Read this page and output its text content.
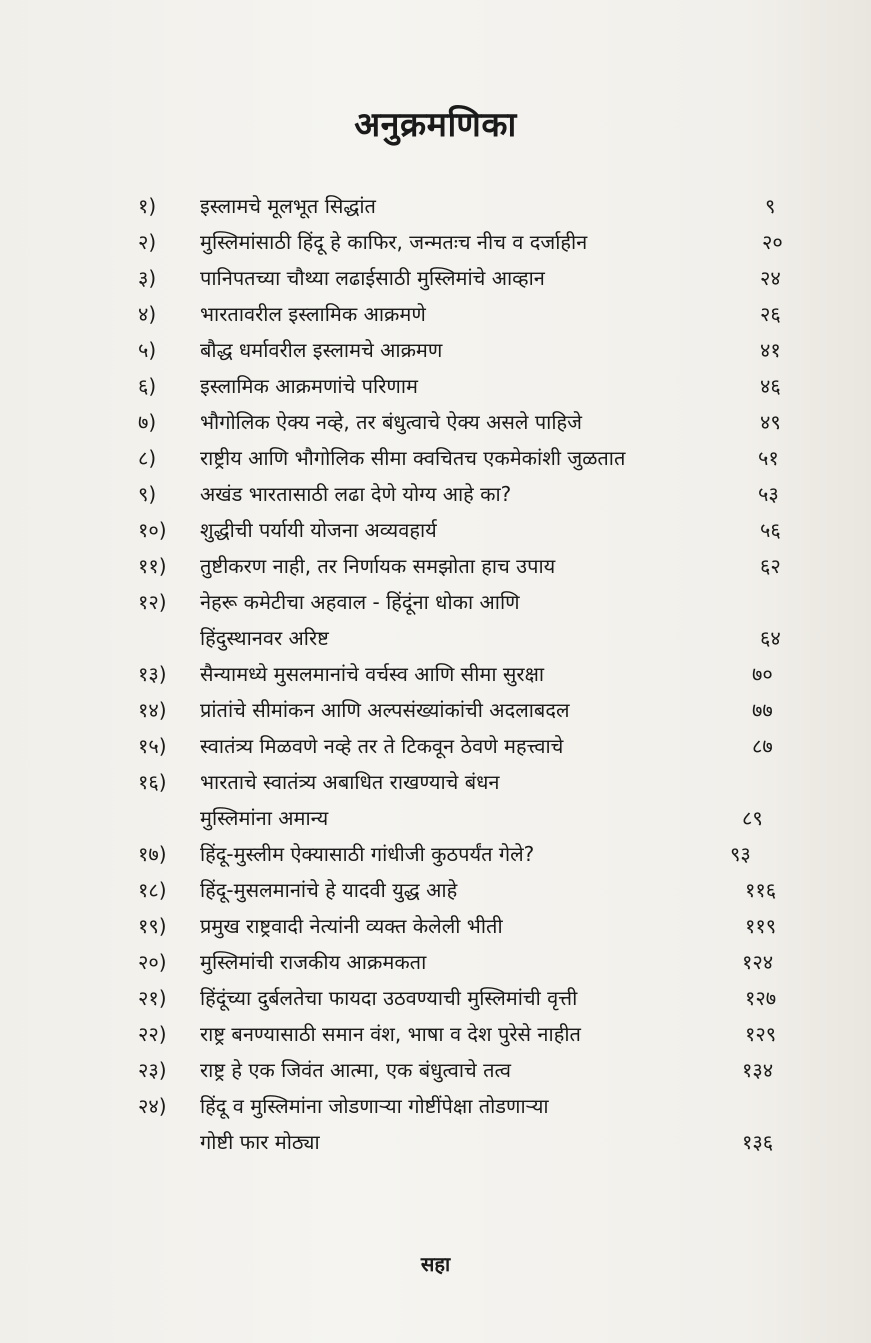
अनुक्रमणिका
१)	इस्लामचे मूलभूत सिद्धांत	९
२)	मुस्लिमांसाठी हिंदू हे काफिर, जन्मतःच नीच व दर्जाहीन	२०
३)	पानिपतच्या चौथ्या लढाईसाठी मुस्लिमांचे आव्हान	२४
४)	भारतावरील इस्लामिक आक्रमणे	२६
५)	बौद्ध धर्मावरील इस्लामचे आक्रमण	४१
६)	इस्लामिक आक्रमणांचे परिणाम	४६
७)	भौगोलिक ऐक्य नव्हे, तर बंधुत्वाचे ऐक्य असले पाहिजे	४९
८)	राष्ट्रीय आणि भौगोलिक सीमा क्वचितच एकमेकांशी जुळतात	५१
९)	अखंड भारतासाठी लढा देणे योग्य आहे का?	५३
१०)	शुद्धीची पर्यायी योजना अव्यवहार्य	५६
११)	तुष्टीकरण नाही, तर निर्णायक समझोता हाच उपाय	६२
१२)	नेहरू कमेटीचा अहवाल - हिंदूंना धोका आणि
हिंदुस्थानवर अरिष्ट	६४
१३)	सैन्यामध्ये मुसलमानांचे वर्चस्व आणि सीमा सुरक्षा	७०
१४)	प्रांतांचे सीमांकन आणि अल्पसंख्यांकांची अदलाबदल	७७
१५)	स्वातंत्र्य मिळवणे नव्हे तर ते टिकवून ठेवणे महत्त्वाचे	८७
१६)	भारताचे स्वातंत्र्य अबाधित राखण्याचे बंधन
मुस्लिमांना अमान्य	८९
१७)	हिंदू-मुस्लीम ऐक्यासाठी गांधीजी कुठपर्यंत गेले?	९३
१८)	हिंदू-मुसलमानांचे हे यादवी युद्ध आहे	११६
१९)	प्रमुख राष्ट्रवादी नेत्यांनी व्यक्त केलेली भीती	११९
२०)	मुस्लिमांची राजकीय आक्रमकता	१२४
२१)	हिंदूंच्या दुर्बलतेचा फायदा उठवण्याची मुस्लिमांची वृत्ती	१२७
२२)	राष्ट्र बनण्यासाठी समान वंश, भाषा व देश पुरेसे नाहीत	१२९
२३)	राष्ट्र हे एक जिवंत आत्मा, एक बंधुत्वाचे तत्व	१३४
२४)	हिंदू व मुस्लिमांना जोडणाऱ्या गोष्टींपेक्षा तोडणाऱ्या
गोष्टी फार मोठ्या	१३६
सहा
